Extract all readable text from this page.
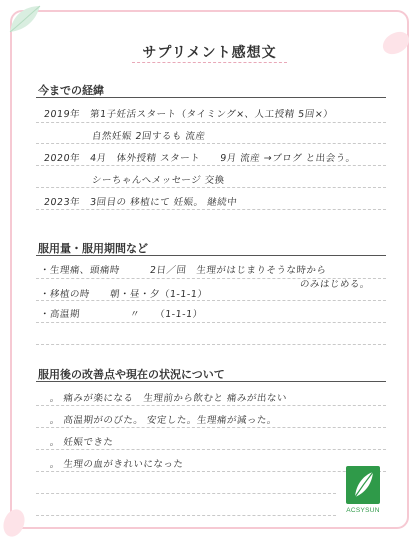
サプリメント感想文
今までの経緯
2019年　第1子妊活スタート（タイミング×、人工授精 5回×）
自然妊娠 2回するも 流産
2020年　4月　体外授精 スタート　　9月 流産 →ブログ と出会う。
シーちゃんへメッセージ 交換
2023年　3回目の 移植にて 妊娠。 継続中
服用量・服用期間など
・生理痛、頭痛時　　　2日／回　生理がはじまりそうな時から
のみはじめる。
・移植の時　　朝・昼・夕（1-1-1）
・高温期　　　　　〃　　（1-1-1）
服用後の改善点や現在の状況について
。 痛みが楽になる　生理前から飲むと 痛みが出ない
。 高温期がのびた。 安定した。生理痛が減った。
。 妊娠できた
。 生理の血がきれいになった
ACSYSUN
